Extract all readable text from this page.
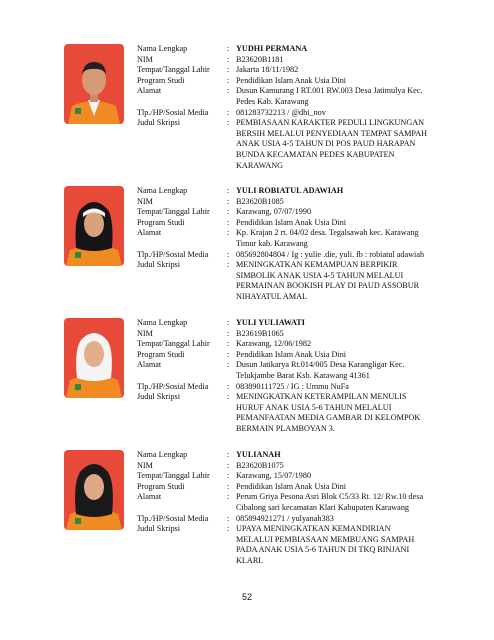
Nama Lengkap	: YUDHI PERMANA
NIM	: B23620B1181
Tempat/Tanggal Lahir	: Jakarta 18/11/1982
Program Studi	: Pendidikan Islam Anak Usia Dini
Alamat	: Dusun Kamurang I RT.001 RW.003 Desa Jatimulya Kec.
Pedes Kab. Karawang
Tlp./HP/Sosial Media	: 081283732213 / @dhi_nov
Judul Skripsi	: PEMBIASAAN KARAKTER PEDULI LINGKUNGAN
BERSIH MELALUI PENYEDIAAN TEMPAT SAMPAH
ANAK USIA 4-5 TAHUN DI POS PAUD HARAPAN
BUNDA KECAMATAN PEDES KABUPATEN
KARAWANG
Nama Lengkap	: YULI ROBIATUL ADAWIAH
NIM	: B23620B1085
Tempat/Tanggal Lahir	: Karawang, 07/07/1990
Program Studi	: Pendidikan Islam Anak Usia Dini
Alamat	: Kp. Krajan 2 rt. 04/02 desa. Tegalsawah kec. Karawang
Timur kab. Karawang
Tlp./HP/Sosial Media	: 085692804804 / Ig : yulie .die, yuli. fb : robiatul adawiah
Judul Skripsi	: MENINGKATKAN KEMAMPUAN BERPIKIR
SIMBOLIK ANAK USIA 4-5 TAHUN MELALUI
PERMAINAN BOOKISH PLAY DI PAUD ASSOBUR
NIHAYATUL AMAL
Nama Lengkap	: YULI YULIAWATI
NIM	: B23619B1065
Tempat/Tanggal Lahir	: Karawang, 12/06/1982
Program Studi	: Pendidikan Islam Anak Usia Dini
Alamat	: Dusun Jatikarya Rt.014/005 Desa Karangligar Kec.
Telukjambe Barat Ksb. Karawang 41361
Tlp./HP/Sosial Media	: 083890111725 / IG : Ummu NuFa
Judul Skripsi	: MENINGKATKAN KETERAMPILAN MENULIS
HURUF ANAK USIA 5-6 TAHUN MELALUI
PEMANFAATAN MEDIA GAMBAR DI KELOMPOK
BERMAIN PLAMBOYAN 3.
Nama Lengkap	: YULIANAH
NIM	: B23620B1075
Tempat/Tanggal Lahir	: Karawang, 15/07/1980
Program Studi	: Pendidikan Islam Anak Usia Dini
Alamat	: Perum Griya Pesona Asri Blok C5/33 Rt. 12/ Rw.10 desa
Cibalong sari kecamatan Klari Kabupaten Karawang
Tlp./HP/Sosial Media	: 085894921271 / yulyanah383
Judul Skripsi	: UPAYA MENINGKATKAN KEMANDIRIAN
MELALUI PEMBIASAAN MEMBUANG SAMPAH
PADA ANAK USIA 5-6 TAHUN DI TKQ RINJANI
KLARI.
52
